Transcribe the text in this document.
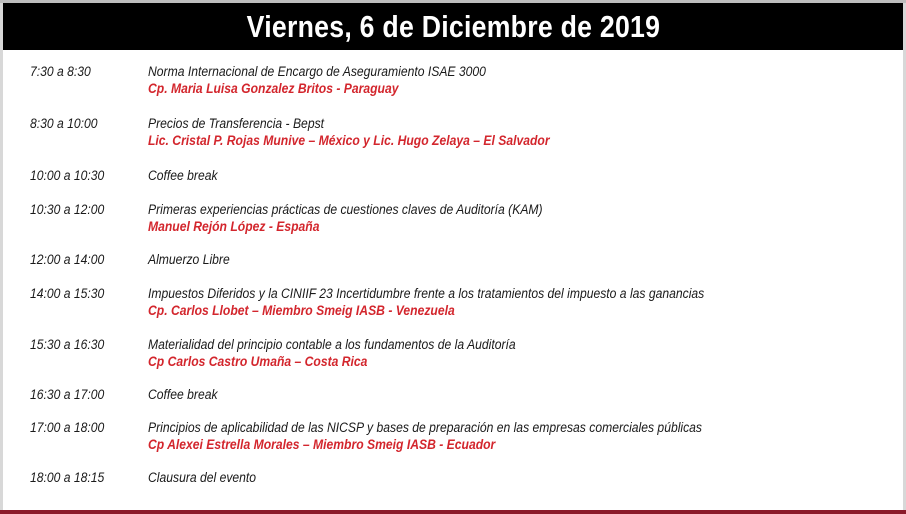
Viernes, 6 de Diciembre de 2019
7:30 a 8:30	Norma Internacional de Encargo de Aseguramiento ISAE 3000
Cp. Maria Luisa Gonzalez Britos - Paraguay
8:30 a 10:00	Precios de Transferencia - Bepst
Lic. Cristal P. Rojas Munive – México y Lic. Hugo Zelaya – El Salvador
10:00 a 10:30	Coffee break
10:30 a 12:00	Primeras experiencias prácticas de cuestiones claves de Auditoría (KAM)
Manuel Rejón López - España
12:00 a 14:00	Almuerzo Libre
14:00 a 15:30	Impuestos Diferidos y la CINIIF 23 Incertidumbre frente a los tratamientos del impuesto a las ganancias
Cp. Carlos Llobet – Miembro Smeig IASB - Venezuela
15:30 a 16:30	Materialidad del principio contable a los fundamentos de la Auditoría
Cp Carlos Castro Umaña – Costa Rica
16:30 a 17:00	Coffee break
17:00 a 18:00	Principios de aplicabilidad de las NICSP y bases de preparación en las empresas comerciales públicas
Cp Alexei Estrella Morales – Miembro Smeig IASB - Ecuador
18:00 a 18:15	Clausura del evento
